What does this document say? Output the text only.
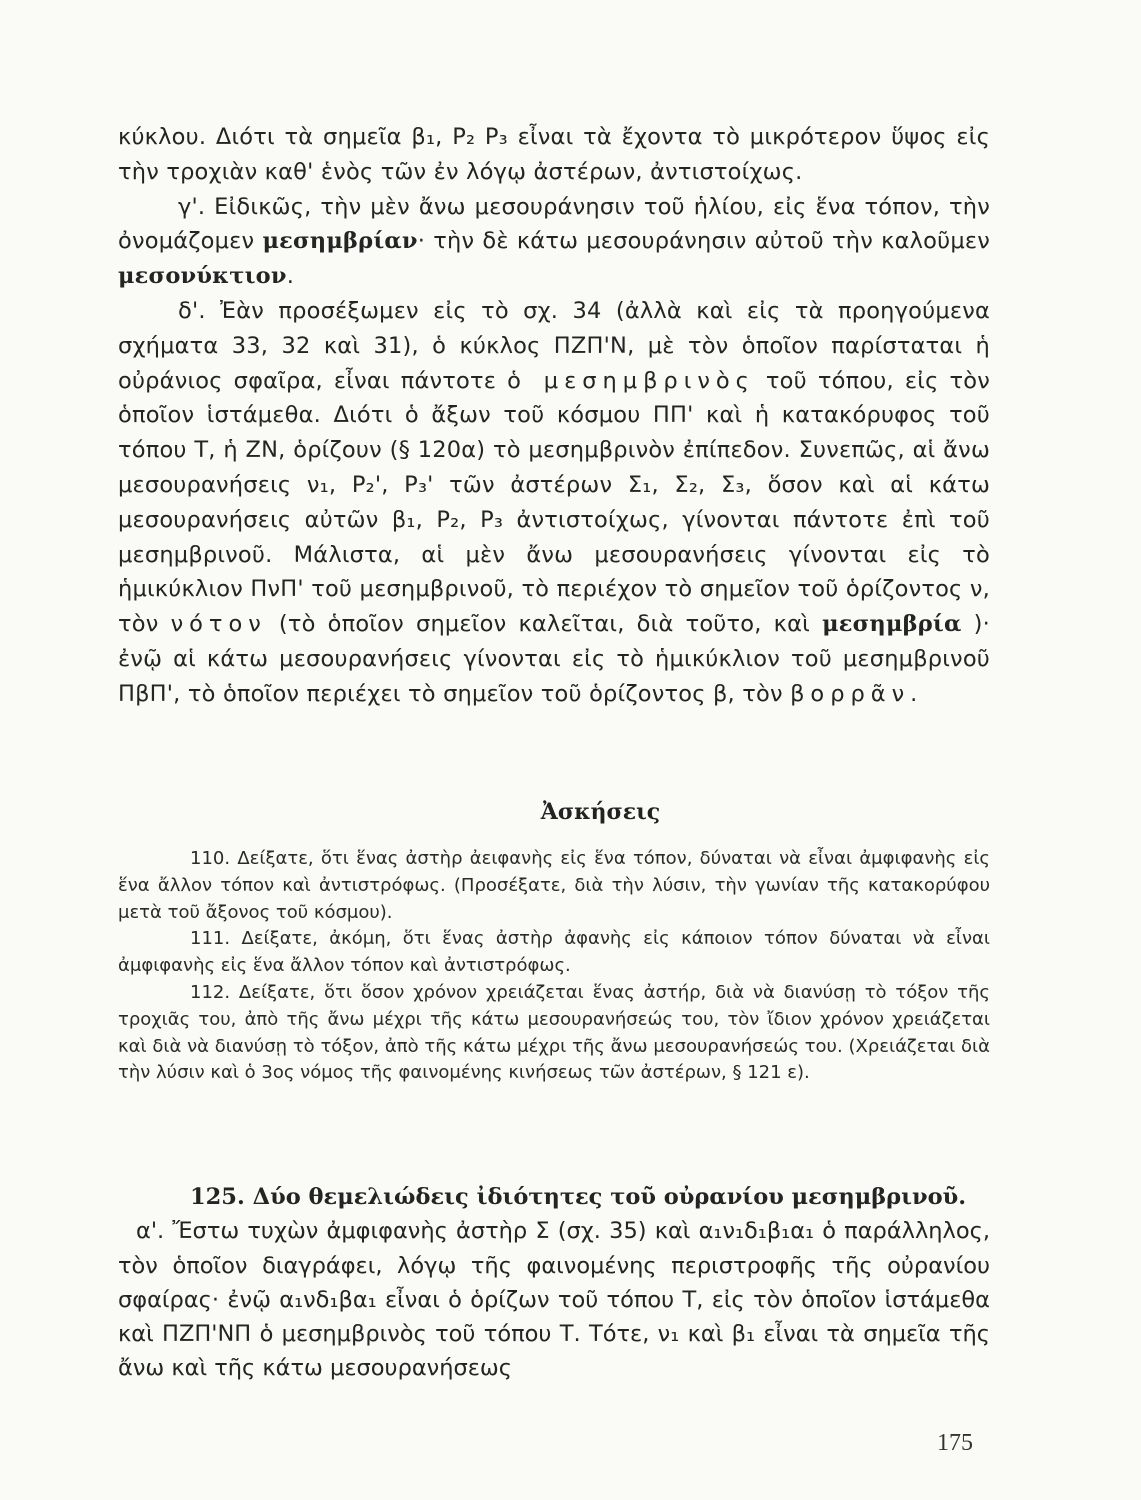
κύκλου. Διότι τὰ σημεῖα β₁, P₂ P₃ εἶναι τὰ ἔχοντα τὸ μικρότερον ὕψος εἰς τὴν τροχιὰν καθ' ἑνὸς τῶν ἐν λόγῳ ἀστέρων, ἀντιστοίχως.

γ'. Εἰδικῶς, τὴν μὲν ἄνω μεσουράνησιν τοῦ ἡλίου, εἰς ἕνα τόπον, τὴν ὀνομάζομεν μεσημβρίαν· τὴν δὲ κάτω μεσουράνησιν αὐτοῦ τὴν καλοῦμεν μεσονύκτιον.

δ'. Ἐὰν προσέξωμεν εἰς τὸ σχ. 34 (ἀλλὰ καὶ εἰς τὰ προηγούμενα σχήματα 33, 32 καὶ 31), ὁ κύκλος ΠΖΠ'Ν, μὲ τὸν ὁποῖον παρίσταται ἡ οὐράνιος σφαῖρα, εἶναι πάντοτε ὁ μεσημβρινὸς τοῦ τόπου, εἰς τὸν ὁποῖον ἱστάμεθα. Διότι ὁ ἄξων τοῦ κόσμου ΠΠ' καὶ ἡ κατακόρυφος τοῦ τόπου Τ, ἡ ΖΝ, ὁρίζουν (§ 120α) τὸ μεσημβρινὸν ἐπίπεδον. Συνεπῶς, αἱ ἄνω μεσουρανήσεις ν₁, P₂', P₃' τῶν ἀστέρων Σ₁, Σ₂, Σ₃, ὅσον καὶ αἱ κάτω μεσουρανήσεις αὐτῶν β₁, P₂, P₃ ἀντιστοίχως, γίνονται πάντοτε ἐπὶ τοῦ μεσημβρινοῦ. Μάλιστα, αἱ μὲν ἄνω μεσουρανήσεις γίνονται εἰς τὸ ἡμικύκλιον ΠνΠ' τοῦ μεσημβρινοῦ, τὸ περιέχον τὸ σημεῖον τοῦ ὁρίζοντος ν, τὸν νότον (τὸ ὁποῖον σημεῖον καλεῖται, διὰ τοῦτο, καὶ μεσημβρία )· ἐνῷ αἱ κάτω μεσουρανήσεις γίνονται εἰς τὸ ἡμικύκλιον τοῦ μεσημβρινοῦ ΠβΠ', τὸ ὁποῖον περιέχει τὸ σημεῖον τοῦ ὁρίζοντος β, τὸν βορρᾶν.

Ἀσκήσεις

110. Δείξατε, ὅτι ἕνας ἀστὴρ ἀειφανὴς εἰς ἕνα τόπον, δύναται νὰ εἶναι ἀμφιφανὴς εἰς ἕνα ἄλλον τόπον καὶ ἀντιστρόφως. (Προσέξατε, διὰ τὴν λύσιν, τὴν γωνίαν τῆς κατακορύφου μετὰ τοῦ ἄξονος τοῦ κόσμου).

111. Δείξατε, ἀκόμη, ὅτι ἕνας ἀστὴρ ἀφανὴς εἰς κάποιον τόπον δύναται νὰ εἶναι ἀμφιφανὴς εἰς ἕνα ἄλλον τόπον καὶ ἀντιστρόφως.

112. Δείξατε, ὅτι ὅσον χρόνον χρειάζεται ἕνας ἀστήρ, διὰ νὰ διανύσῃ τὸ τόξον τῆς τροχιᾶς του, ἀπὸ τῆς ἄνω μέχρι τῆς κάτω μεσουρανήσεώς του, τὸν ἴδιον χρόνον χρειάζεται καὶ διὰ νὰ διανύσῃ τὸ τόξον, ἀπὸ τῆς κάτω μέχρι τῆς ἄνω μεσουρανήσεώς του. (Χρειάζεται διὰ τὴν λύσιν καὶ ὁ 3ος νόμος τῆς φαινομένης κινήσεως τῶν ἀστέρων, § 121 ε).

125. Δύο θεμελιώδεις ἰδιότητες τοῦ οὐρανίου μεσημβρινοῦ.

α'. Ἔστω τυχὼν ἀμφιφανὴς ἀστὴρ Σ (σχ. 35) καὶ α₁ν₁δ₁β₁α₁ ὁ παράλληλος, τὸν ὁποῖον διαγράφει, λόγῳ τῆς φαινομένης περιστροφῆς τῆς οὐρανίου σφαίρας· ἐνῷ α₁νδ₁βα₁ εἶναι ὁ ὁρίζων τοῦ τόπου Τ, εἰς τὸν ὁποῖον ἱστάμεθα καὶ ΠΖΠ'ΝΠ ὁ μεσημβρινὸς τοῦ τόπου Τ. Τότε, ν₁ καὶ β₁ εἶναι τὰ σημεῖα τῆς ἄνω καὶ τῆς κάτω μεσουρανήσεως

175
